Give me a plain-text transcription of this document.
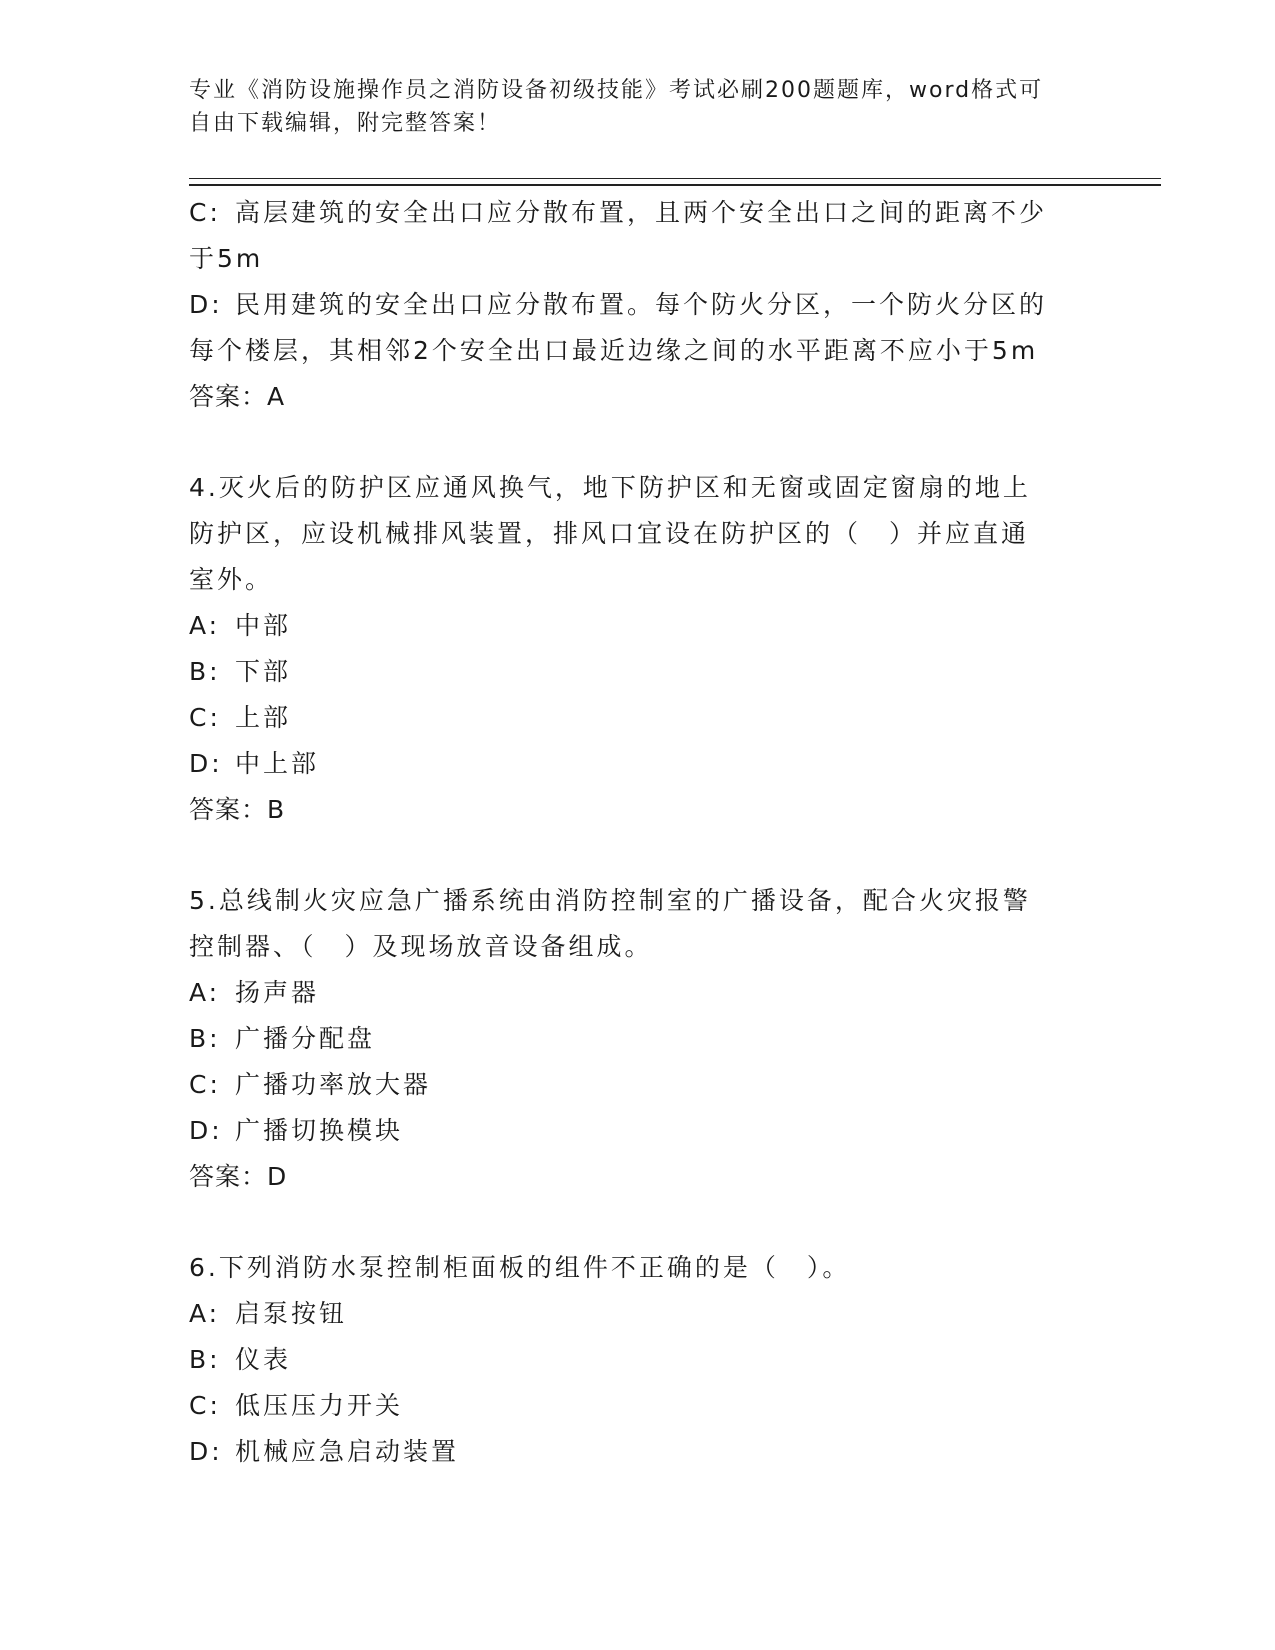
专业《消防设施操作员之消防设备初级技能》考试必刷200题题库，word格式可
自由下载编辑，附完整答案！
C: 高层建筑的安全出口应分散布置，且两个安全出口之间的距离不少
于5m
D: 民用建筑的安全出口应分散布置。每个防火分区，一个防火分区的
每个楼层，其相邻2个安全出口最近边缘之间的水平距离不应小于5m
答案：A
4.灭火后的防护区应通风换气，地下防护区和无窗或固定窗扇的地上
防护区，应设机械排风装置，排风口宜设在防护区的（　）并应直通
室外。
A: 中部
B: 下部
C: 上部
D: 中上部
答案：B
5.总线制火灾应急广播系统由消防控制室的广播设备，配合火灾报警
控制器、（　）及现场放音设备组成。
A: 扬声器
B: 广播分配盘
C: 广播功率放大器
D: 广播切换模块
答案：D
6.下列消防水泵控制柜面板的组件不正确的是（　）。
A: 启泵按钮
B: 仪表
C: 低压压力开关
D: 机械应急启动装置
